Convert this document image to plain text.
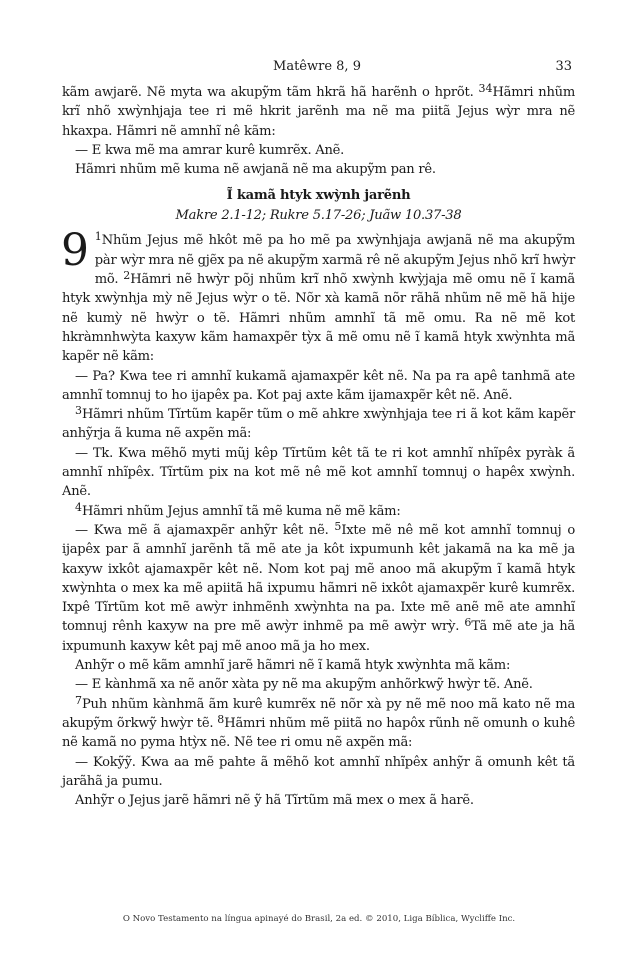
Matêwre 8, 9	33

kãm awjarẽ. Nẽ myta wa akupỹm tãm hkrã hã harẽnh o hprõt. $^{34}$Hãmri nhũm krĩ nhõ xwỳnhjaja tee ri mẽ hkrit jarẽnh ma nẽ ma piitã Jejus wỳr mra nẽ hkaxpa. Hãmri nẽ amnhĩ nê kãm:

— E kwa mẽ ma amrar kurê kumrẽx. Anẽ.

Hãmri nhũm mẽ kuma nẽ awjanã nẽ ma akupỹm pan rê.

Ĩ kamã htyk xwỳnh jarẽnh
Makre 2.1-12; Rukre 5.17-26; Juãw 10.37-38

9 $^1$Nhũm Jejus mẽ hkôt mẽ pa ho mẽ pa xwỳnhjaja awjanã nẽ ma akupỹm pàr wỳr mra nẽ gjẽx pa nẽ akupỹm xarmã rê nẽ akupỹm Jejus nhõ krĩ hwỳr mõ. $^2$Hãmri nẽ hwỳr põj nhũm krĩ nhõ xwỳnh kwỳjaja mẽ omu nẽ ĩ kamã htyk xwỳnhja mỳ nẽ Jejus wỳr o tẽ. Nõr xà kamã nõr rãhã nhũm nẽ mẽ hã hije nẽ kumỳ nẽ hwỳr o tẽ. Hãmri nhũm amnhĩ tã mẽ omu. Ra nẽ mẽ kot hkràmnhwỳta kaxyw kãm hamaxpẽr tỳx ã mẽ omu nẽ ĩ kamã htyk xwỳnhta mã kapẽr nẽ kãm:

— Pa? Kwa tee ri amnhĩ kukamã ajamaxpẽr kêt nẽ. Na pa ra apê tanhmã ate amnhĩ tomnuj to ho ijapêx pa. Kot paj axte kãm ijamaxpẽr kêt nẽ. Anẽ.

$^3$Hãmri nhũm Tĩrtũm kapẽr tũm o mẽ ahkre xwỳnhjaja tee ri ã kot kãm kapẽr anhỹrja ã kuma nẽ axpẽn mã:

— Tk. Kwa mẽhõ myti mũj kêp Tĩrtũm kêt tã te ri kot amnhĩ nhĩpêx pyràk ã amnhĩ nhĩpêx. Tĩrtũm pix na kot mẽ nê mẽ kot amnhĩ tomnuj o hapêx xwỳnh. Anẽ.

$^4$Hãmri nhũm Jejus amnhĩ tã mẽ kuma nẽ mẽ kãm:

— Kwa mẽ ã ajamaxpẽr anhỹr kêt nẽ. $^5$Ixte mẽ nê mẽ kot amnhĩ tomnuj o ijapêx par ã amnhĩ jarẽnh tã mẽ ate ja kôt ixpumunh kêt jakamã na ka mẽ ja kaxyw ixkôt ajamaxpẽr kêt nẽ. Nom kot paj mẽ anoo mã akupỹm ĩ kamã htyk xwỳnhta o mex ka mẽ apiitã hã ixpumu hãmri nẽ ixkôt ajamaxpẽr kurê kumrẽx. Ixpê Tĩrtũm kot mẽ awỳr inhmẽnh xwỳnhta na pa. Ixte mẽ anẽ mẽ ate amnhĩ tomnuj rênh kaxyw na pre mẽ awỳr inhmẽ pa mẽ awỳr wrỳ. $^6$Tã mẽ ate ja hã ixpumunh kaxyw kêt paj mẽ anoo mã ja ho mex.

Anhỹr o mẽ kãm amnhĩ jarẽ hãmri nẽ ĩ kamã htyk xwỳnhta mã kãm:

— E kànhmã xa nẽ anõr xàta py nẽ ma akupỹm anhõrkwỹ hwỳr tẽ. Anẽ.

$^7$Puh nhũm kànhmã ãm kurê kumrẽx nẽ nõr xà py nẽ mẽ noo mã kato nẽ ma akupỹm õrkwỹ hwỳr tẽ. $^8$Hãmri nhũm mẽ piitã no hapôx rũnh nẽ omunh o kuhê nẽ kamã no pyma htỳx nẽ. Nẽ tee ri omu nẽ axpẽn mã:

— Kokỹỹ. Kwa aa mẽ pahte ã mẽhõ kot amnhĩ nhĩpêx anhỹr ã omunh kêt tã jarãhã ja pumu.

Anhỹr o Jejus jarẽ hãmri nẽ ỹ hã Tĩrtũm mã mex o mex ã harẽ.

O Novo Testamento na língua apinayé do Brasil, 2a ed. © 2010, Liga Bíblica, Wycliffe Inc.
